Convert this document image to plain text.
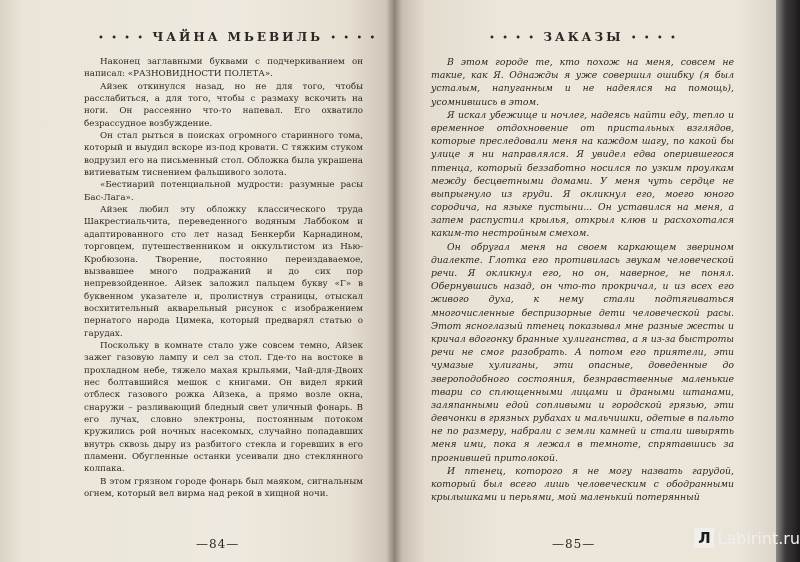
• • • • ЧАЙНА МЬЕВИЛЬ • • • •

Наконец заглавными буквами с подчеркиванием он написал: «РАЗНОВИДНОСТИ ПОЛЕТА».

Айзек откинулся назад, но не для того, чтобы расслабиться, а для того, чтобы с размаху вскочить на ноги. Он рассеянно что-то напевал. Его охватило безрассудное возбуждение.

Он стал рыться в поисках огромного старинного тома, который и выудил вскоре из-под кровати. С тяжким стуком водрузил его на письменный стол. Обложка была украшена витиеватым тиснением фальшивого золота.

«Бестиарий потенциальной мудрости: разумные расы Бас-Лага».

Айзек любил эту обложку классического труда Шакрестиальчита, переведенного водяным Лаббоком и адаптированного сто лет назад Бенкерби Карнадином, торговцем, путешественником и оккультистом из Нью-Кробюзона. Творение, постоянно переиздаваемое, вызвавшее много подражаний и до сих пор непревзойденное. Айзек заложил пальцем букву «Г» в буквенном указателе и, пролистнув страницы, отыскал восхитительный акварельный рисунок с изображением пернатого народа Цимека, который предварял статью о гарудах.

Поскольку в комнате стало уже совсем темно, Айзек зажег газовую лампу и сел за стол. Где-то на востоке в прохладном небе, тяжело махая крыльями, Чай-для-Двоих нес болтавшийся мешок с книгами. Он видел яркий отблеск газового рожка Айзека, а прямо возле окна, снаружи – разливающий бледный свет уличный фонарь. В его лучах, словно электроны, постоянным потоком кружились рой ночных насекомых, случайно попадавших внутрь сквозь дыру из разбитого стекла и горевших в его пламени. Обугленные останки усеивали дно стеклянного колпака.

В этом грязном городе фонарь был маяком, сигнальным огнем, который вел вирма над рекой в хищной ночи.

—84—
• • • • ЗАКАЗЫ • • • •

В этом городе те, кто похож на меня, совсем не такие, как Я. Однажды я уже совершил ошибку (я был усталым, напуганным и не надеялся на помощь), усомнившись в этом.

Я искал убежище и ночлег, надеясь найти еду, тепло и временное отдохновение от пристальных взглядов, которые преследовали меня на каждом шагу, по какой бы улице я ни направлялся. Я увидел едва оперившегося птенца, который беззаботно носился по узким проулкам между бесцветными домами. У меня чуть сердце не выпрыгнуло из груди. Я окликнул его, моего юного сородича, на языке пустыни... Он уставился на меня, а затем распустил крылья, открыл клюв и расхохотался каким-то нестройным смехом.

Он обругал меня на своем каркающем зверином диалекте. Глотка его противилась звукам человеческой речи. Я окликнул его, но он, наверное, не понял. Обернувшись назад, он что-то прокричал, и из всех его живого духа, к нему стали подтягиваться многочисленные беспризорные дети человеческой расы. Этот ясноглазый птенец показывал мне разные жесты и кричал вдогонку бранные хулиганства, а я из-за быстроты речи не смог разобрать. А потом его приятели, эти чумазые хулиганы, эти опасные, доведенные до звероподобного состояния, безнравственные маленькие твари со сплющенными лицами и драными штанами, заляпанными едой сопливыми и городской грязью, эти девчонки в грязных рубахах и мальчишки, одетые в пальто не по размеру, набрали с земли камней и стали швырять меня ими, пока я лежал в темноте, спрятавшись за прогнившей притолокой.

И птенец, которого я не могу назвать гарудой, который был всего лишь человеческим с ободранными крылышками и перьями, мой маленький потерянный

—85—	Л Labirint.ru
